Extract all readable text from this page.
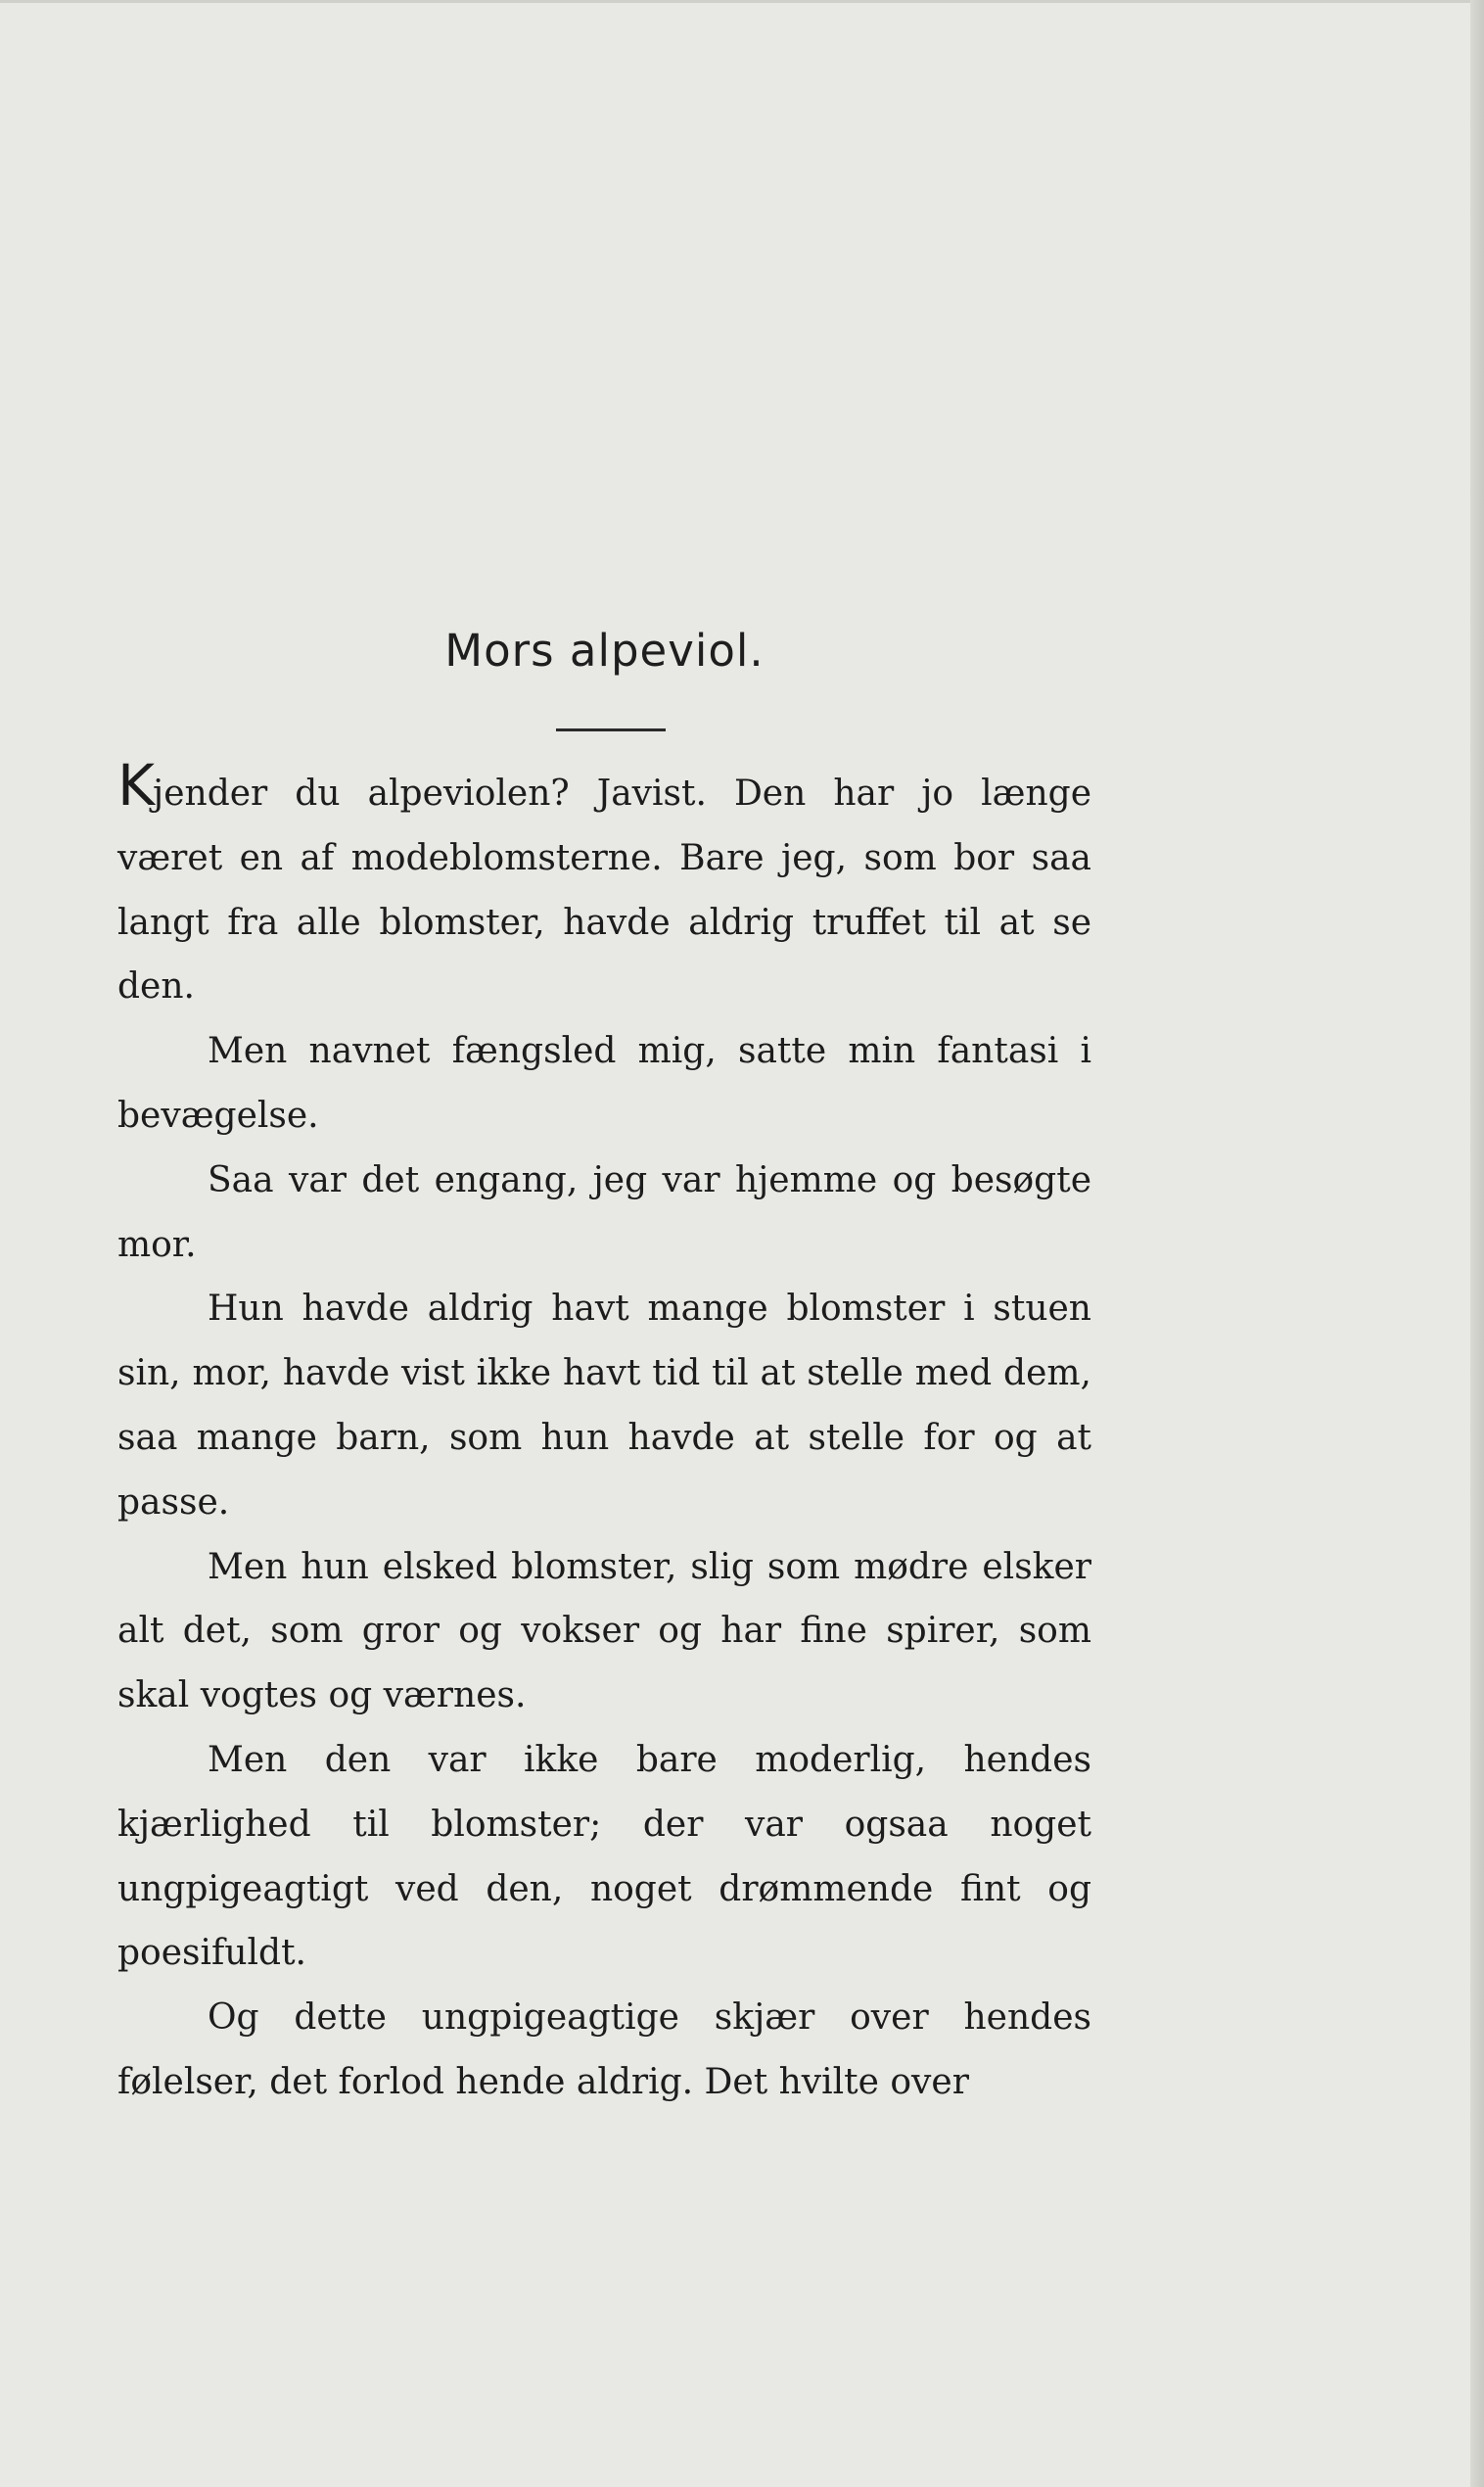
Mors alpeviol.

Kjender du alpeviolen? Javist. Den har jo længe været en af modeblomsterne. Bare jeg, som bor saa langt fra alle blomster, havde aldrig truffet til at se den.

Men navnet fængsled mig, satte min fantasi i bevægelse.

Saa var det engang, jeg var hjemme og besøgte mor.

Hun havde aldrig havt mange blomster i stuen sin, mor, havde vist ikke havt tid til at stelle med dem, saa mange barn, som hun havde at stelle for og at passe.

Men hun elsked blomster, slig som mødre elsker alt det, som gror og vokser og har fine spirer, som skal vogtes og værnes.

Men den var ikke bare moderlig, hendes kjærlighed til blomster; der var ogsaa noget ungpigeagtigt ved den, noget drømmende fint og poesifuldt.

Og dette ungpigeagtige skjær over hendes følelser, det forlod hende aldrig. Det hvilte over
